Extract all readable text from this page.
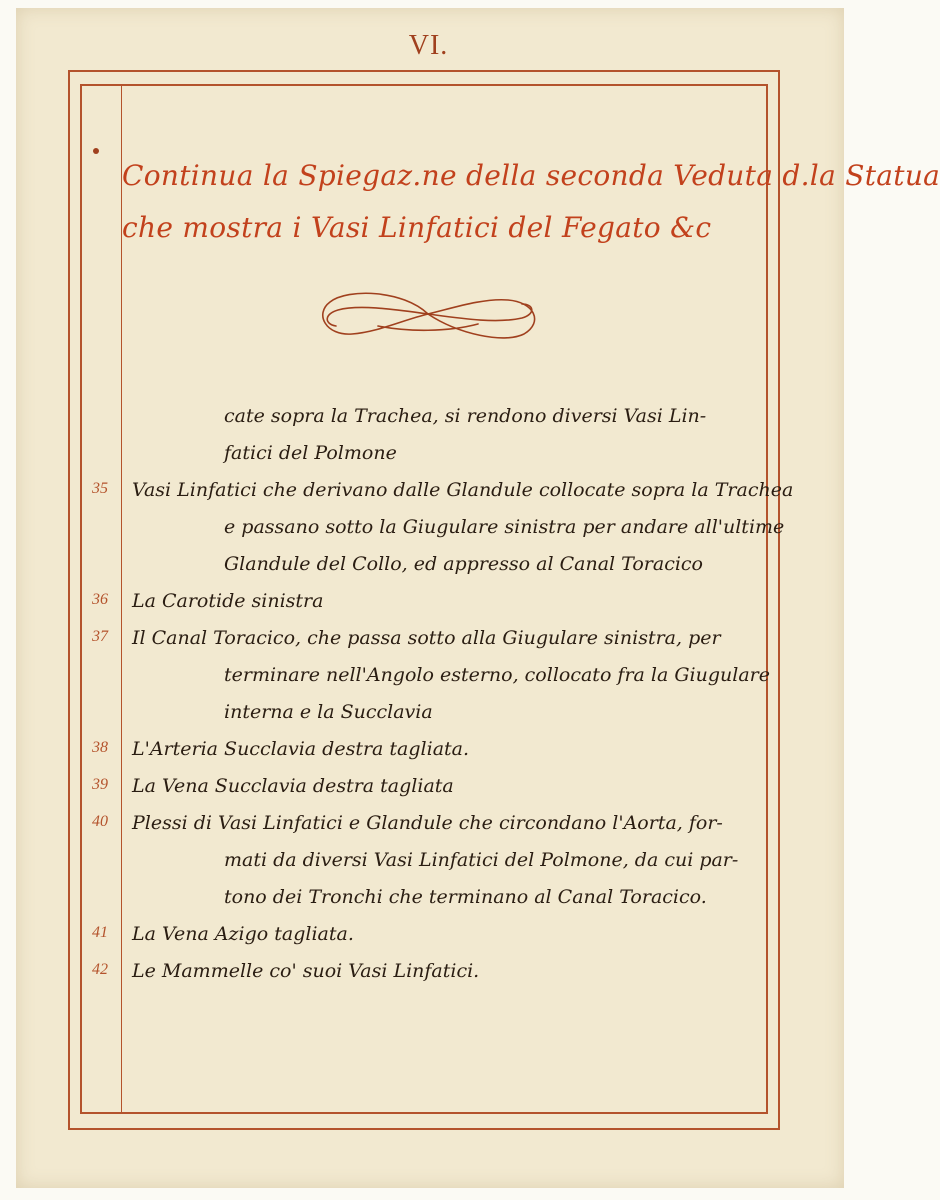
VI.
Continua la Spiegaz.ne della seconda Veduta d.la Statua
che mostra i Vasi Linfatici del Fegato &c
cate sopra la Trachea, si rendono diversi Vasi Lin-
fatici del Polmone
35	Vasi Linfatici che derivano dalle Glandule collocate sopra la Trachea
e passano sotto la Giugulare sinistra per andare all'ultime
Glandule del Collo, ed appresso al Canal Toracico
36	La Carotide sinistra
37	Il Canal Toracico, che passa sotto alla Giugulare sinistra, per
terminare nell'Angolo esterno, collocato fra la Giugulare
interna e la Succlavia
38	L'Arteria Succlavia destra tagliata.
39	La Vena Succlavia destra tagliata
40	Plessi di Vasi Linfatici e Glandule che circondano l'Aorta, for-
mati da diversi Vasi Linfatici del Polmone, da cui par-
tono dei Tronchi che terminano al Canal Toracico.
41	La Vena Azigo tagliata.
42	Le Mammelle co' suoi Vasi Linfatici.
